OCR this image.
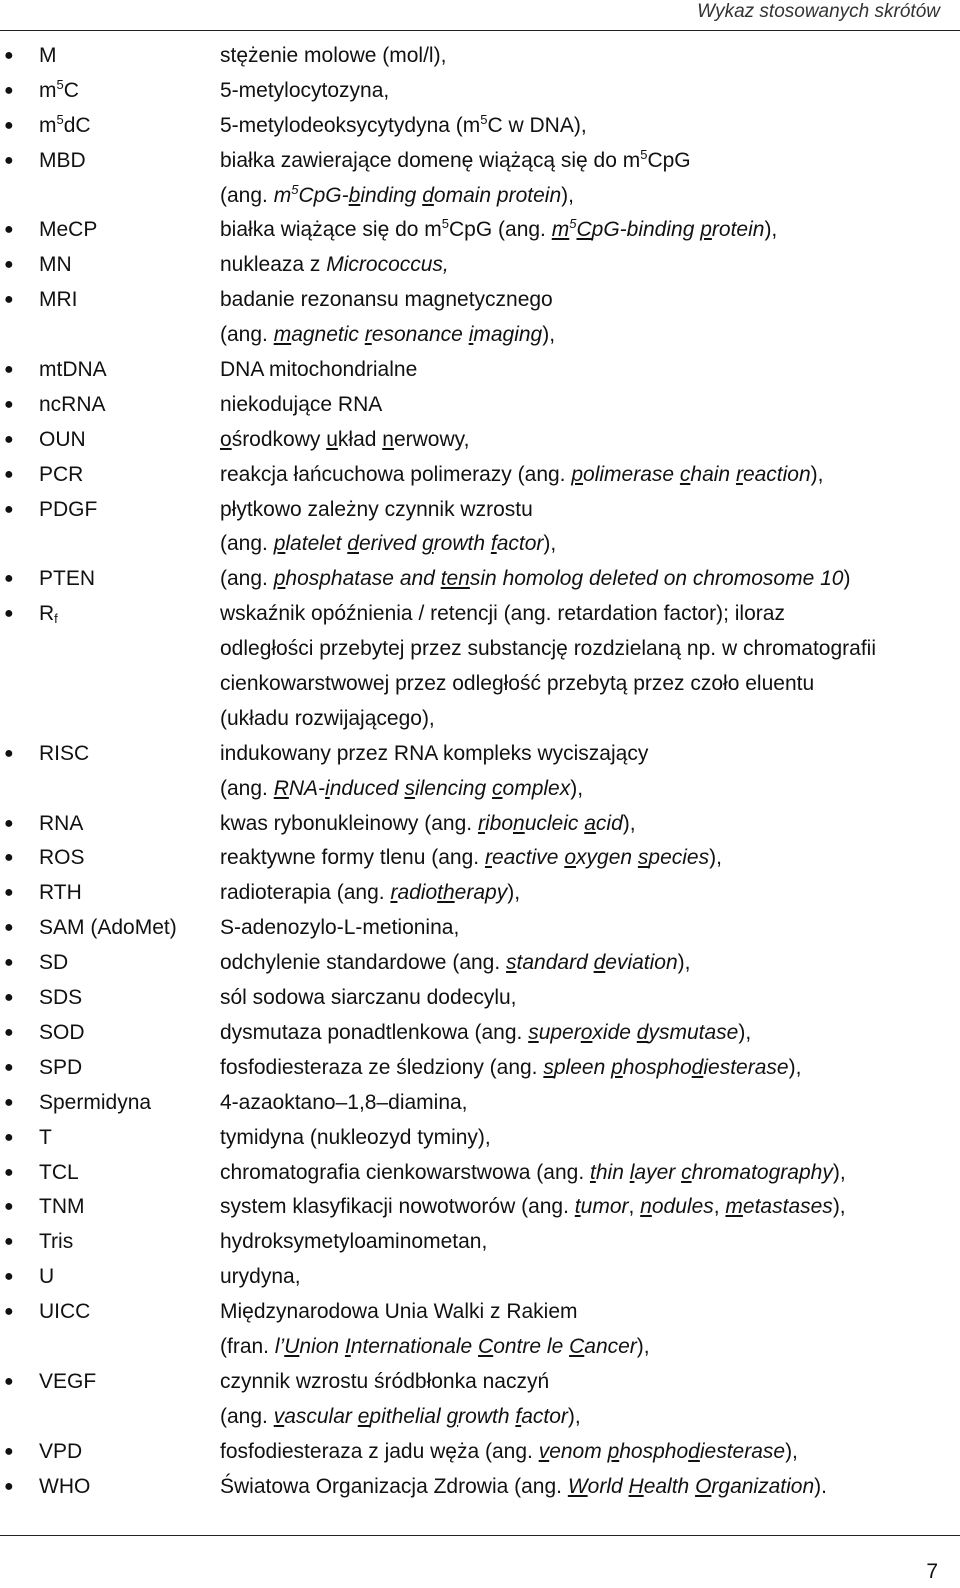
Wykaz stosowanych skrótów
● M	stężenie molowe (mol/l),
● $m^5C$	5-metylocytozyna,
● $m^5dC$	5-metylodeoksycytydyna ($m^5C$ w DNA),
● MBD	białka zawierające domenę wiążącą się do $m^5CpG$
(ang. $m^5CpG$-binding domain protein),
● MeCP	białka wiążące się do $m^5CpG$ (ang. $m^5CpG$-binding protein),
● MN	nukleaza z Micrococcus,
● MRI	badanie rezonansu magnetycznego
(ang. magnetic resonance imaging),
● mtDNA	DNA mitochondrialne
● ncRNA	niekodujące RNA
● OUN	ośrodkowy układ nerwowy,
● PCR	reakcja łańcuchowa polimerazy (ang. polimerase chain reaction),
● PDGF	płytkowo zależny czynnik wzrostu
(ang. platelet derived growth factor),
● PTEN	(ang. phosphatase and tensin homolog deleted on chromosome 10)
● $R_f$	wskaźnik opóźnienia / retencji (ang. retardation factor); iloraz
odległości przebytej przez substancję rozdzielaną np. w chromatografii
cienkowarstwowej przez odległość przebytą przez czoło eluentu
(układu rozwijającego),
● RISC	indukowany przez RNA kompleks wyciszający
(ang. RNA-induced silencing complex),
● RNA	kwas rybonukleinowy (ang. ribonucleic acid),
● ROS	reaktywne formy tlenu (ang. reactive oxygen species),
● RTH	radioterapia (ang. radiotherapy),
● SAM (AdoMet) S-adenozylo-L-metionina,
● SD	odchylenie standardowe (ang. standard deviation),
● SDS	sól sodowa siarczanu dodecylu,
● SOD	dysmutaza ponadtlenkowa (ang. superoxide dysmutase),
● SPD	fosfodiesteraza ze śledziony (ang. spleen phosphodiesterase),
● Spermidyna	4-azaoktano–1,8–diamina,
● T	tymidyna (nukleozyd tyminy),
● TCL	chromatografia cienkowarstwowa (ang. thin layer chromatography),
● TNM	system klasyfikacji nowotworów (ang. tumor, nodules, metastases),
● Tris	hydroksymetyloaminometan,
● U	urydyna,
● UICC	Międzynarodowa Unia Walki z Rakiem
(fran. l’Union Internationale Contre le Cancer),
● VEGF	czynnik wzrostu śródbłonka naczyń
(ang. vascular epithelial growth factor),
● VPD	fosfodiesteraza z jadu węża (ang. venom phosphodiesterase),
● WHO	Światowa Organizacja Zdrowia (ang. World Health Organization).
7
